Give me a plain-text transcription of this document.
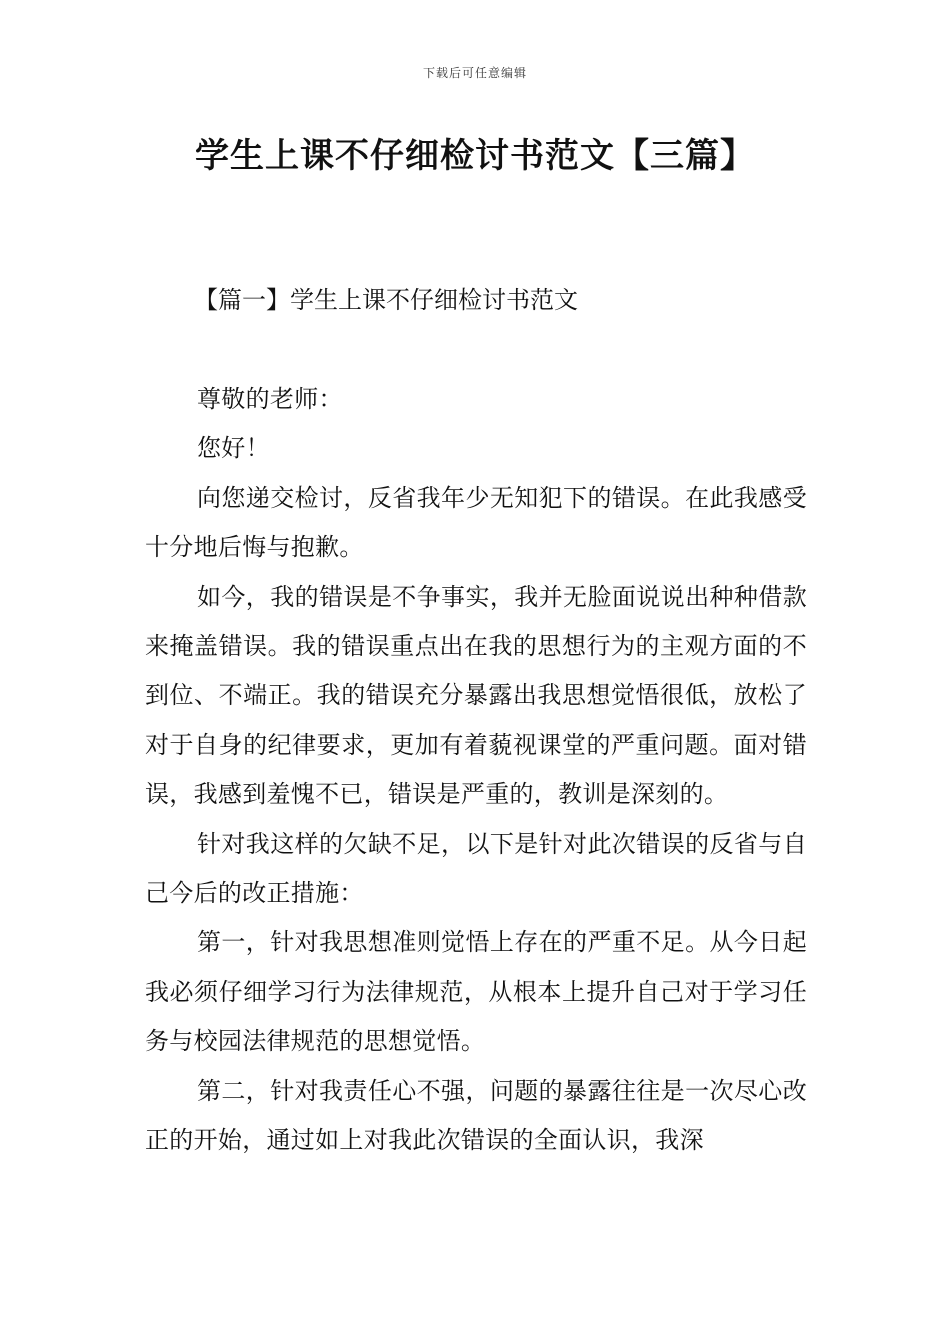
下载后可任意编辑
学生上课不仔细检讨书范文【三篇】
【篇一】学生上课不仔细检讨书范文

尊敬的老师：

您好！

向您递交检讨，反省我年少无知犯下的错误。在此我感受十分地后悔与抱歉。

如今，我的错误是不争事实，我并无脸面说说出种种借款来掩盖错误。我的错误重点出在我的思想行为的主观方面的不到位、不端正。我的错误充分暴露出我思想觉悟很低，放松了对于自身的纪律要求，更加有着藐视课堂的严重问题。面对错误，我感到羞愧不已，错误是严重的，教训是深刻的。

针对我这样的欠缺不足，以下是针对此次错误的反省与自己今后的改正措施：

第一，针对我思想准则觉悟上存在的严重不足。从今日起我必须仔细学习行为法律规范，从根本上提升自己对于学习任务与校园法律规范的思想觉悟。

第二，针对我责任心不强，问题的暴露往往是一次尽心改正的开始，通过如上对我此次错误的全面认识，我深
